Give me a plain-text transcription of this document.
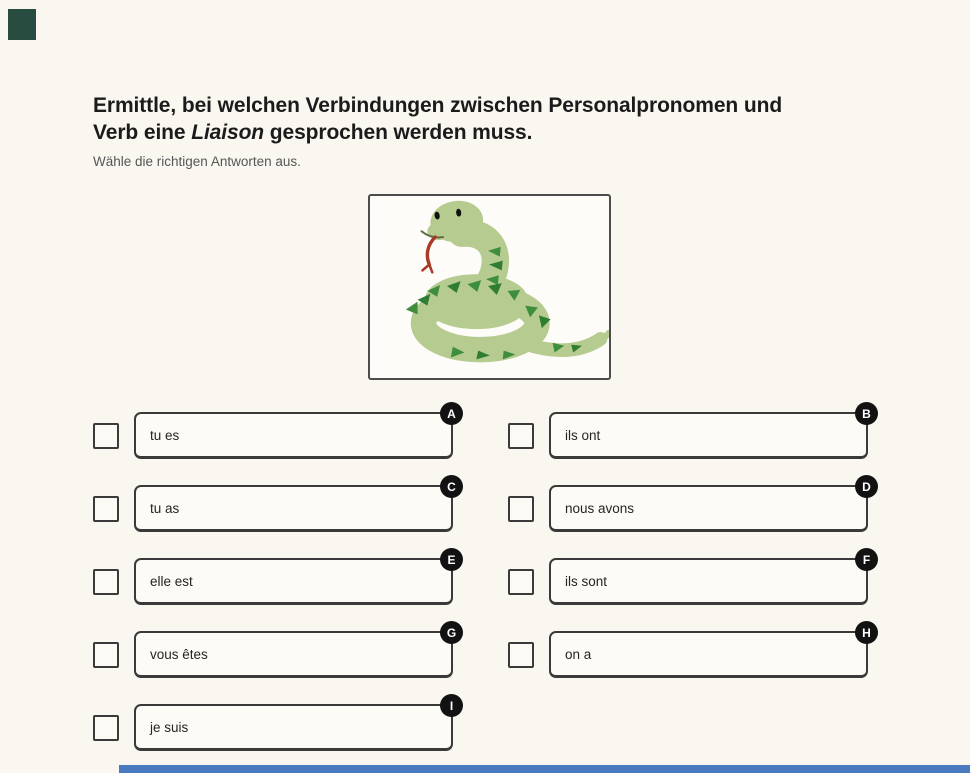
Ermittle, bei welchen Verbindungen zwischen Personalpronomen und
Verb eine Liaison gesprochen werden muss.

Wähle die richtigen Antworten aus.

tu es
A
tu as
C
elle est
E
vous êtes
G
je suis
I
ils ont
B
nous avons
D
ils sont
F
on a
H
